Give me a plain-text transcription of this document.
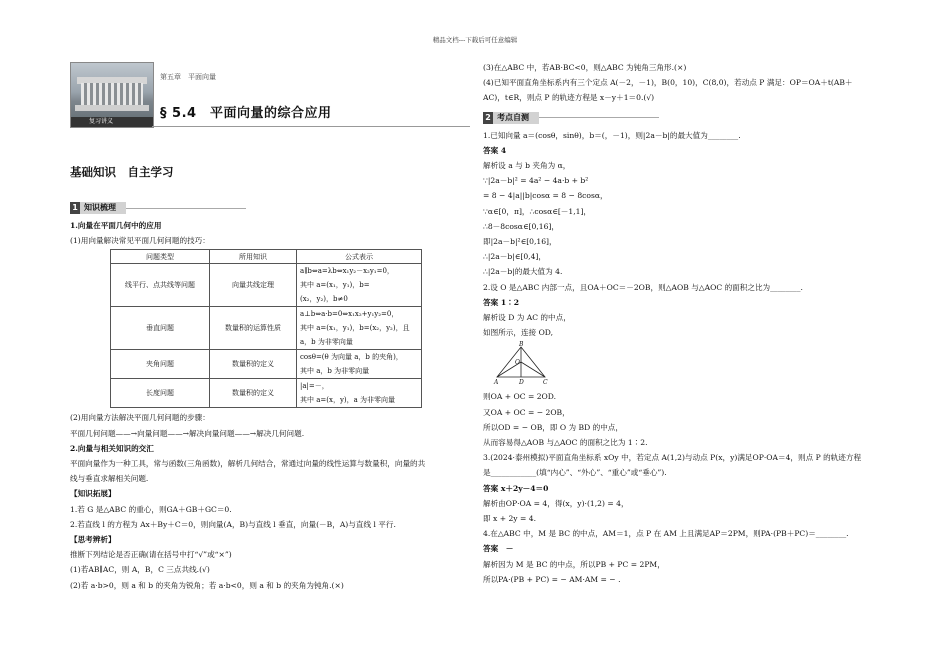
精品文档---下载后可任意编辑
复习讲义
第五章　平面向量
§ 5.4　平面向量的综合应用
基础知识　自主学习
1 知识梳理
1.向量在平面几何中的应用
(1)用向量解决常见平面几何问题的技巧：
问题类型	所用知识	公式表示
线平行、点共线等问题	向量共线定理	a∥b⇔a=λb⇔x₁y₂－x₂y₁=0，
其中 a=(x₁，y₁)，b=
(x₂，y₂)，b≠0

垂直问题	数量积的运算性质	a⊥b⇔a·b=0⇔x₁x₂+y₁y₂=0，
其中 a=(x₁，y₁)，b=(x₂，y₂)，且
a，b 为非零向量

夹角问题	数量积的定义	cosθ=(θ 为向量 a，b 的夹角)，
其中 a，b 为非零向量

长度问题	数量积的定义	|a|=－，
其中 a=(x，y)，a 为非零向量
(2)用向量方法解决平面几何问题的步骤：
平面几何问题——→向量问题——→解决向量问题——→解决几何问题.
2.向量与相关知识的交汇
平面向量作为一种工具，常与函数(三角函数)，解析几何结合，常通过向量的线性运算与数量积，向量的共
线与垂直求解相关问题.
【知识拓展】
1.若 G 是△ABC 的重心，则GA＋GB＋GC＝0.
2.若直线 l 的方程为 Ax＋By＋C＝0，则向量(A，B)与直线 l 垂直，向量(－B，A)与直线 l 平行.
【思考辨析】
推断下列结论是否正确(请在括号中打“√”或“×”)
(1)若AB∥AC，则 A，B，C 三点共线.(√)
(2)若 a·b>0，则 a 和 b 的夹角为锐角；若 a·b<0，则 a 和 b 的夹角为钝角.(×)
(3)在△ABC 中，若AB·BC<0，则△ABC 为钝角三角形.(×)
(4)已知平面直角坐标系内有三个定点 A(－2，－1)，B(0，10)，C(8,0)，若动点 P 满足：OP＝OA＋t(AB＋
AC)，t∈R，则点 P 的轨迹方程是 x－y＋1＝0.(√)
2 考点自测
1.已知向量 a＝(cosθ，sinθ)，b＝(，－1)，则|2a－b|的最大值为________.
答案 4
解析设 a 与 b 夹角为 α，
∵|2a－b|² = 4a² − 4a·b + b²
= 8 − 4|a||b|cosα = 8 − 8cosα，
∵α∈[0，π]，∴cosα∈[－1,1]，
∴8－8cosα∈[0,16]，
即|2a－b|²∈[0,16]，
∴|2a－b|∈[0,4]，
∴|2a－b|的最大值为 4.
2.设 O 是△ABC 内部一点，且OA＋OC＝－2OB，则△AOB 与△AOC 的面积之比为________.
答案 1∶2
解析设 D 为 AC 的中点，
如图所示，连接 OD,
B
O
A	D	C
则OA + OC = 2OD.
又OA + OC = − 2OB，
所以OD = − OB，即 O 为 BD 的中点，
从而容易得△AOB 与△AOC 的面积之比为 1∶2.
3.(2024·泰州模拟)平面直角坐标系 xOy 中，若定点 A(1,2)与动点 P(x，y)满足OP·OA＝4，则点 P 的轨迹方程
是____________(填“内心”、“外心”、“重心”或“垂心”).
答案 x＋2y－4＝0
解析由OP·OA = 4，得(x，y)·(1,2) = 4，
即 x + 2y = 4.
4.在△ABC 中，M 是 BC 的中点，AM＝1，点 P 在 AM 上且满足AP＝2PM，则PA·(PB＋PC)＝________.
答案　－
解析因为 M 是 BC 的中点，所以PB + PC = 2PM，
所以PA·(PB + PC) = − AM·AM = − .
